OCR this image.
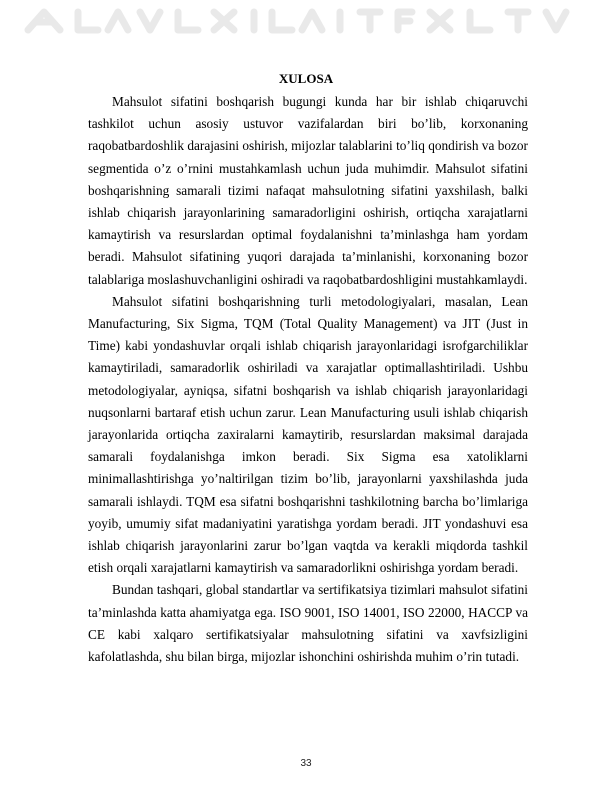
XULOSA

Mahsulot sifatini boshqarish bugungi kunda har bir ishlab chiqaruvchi tashkilot uchun asosiy ustuvor vazifalardan biri bo’lib, korxonaning raqobatbardoshlik darajasini oshirish, mijozlar talablarini to’liq qondirish va bozor segmentida o’z o’rnini mustahkamlash uchun juda muhimdir. Mahsulot sifatini boshqarishning samarali tizimi nafaqat mahsulotning sifatini yaxshilash, balki ishlab chiqarish jarayonlarining samaradorligini oshirish, ortiqcha xarajatlarni kamaytirish va resurslardan optimal foydalanishni ta’minlashga ham yordam beradi. Mahsulot sifatining yuqori darajada ta’minlanishi, korxonaning bozor talablariga moslashuvchanligini oshiradi va raqobatbardoshligini mustahkamlaydi.

Mahsulot sifatini boshqarishning turli metodologiyalari, masalan, Lean Manufacturing, Six Sigma, TQM (Total Quality Management) va JIT (Just in Time) kabi yondashuvlar orqali ishlab chiqarish jarayonlaridagi isrofgarchiliklar kamaytiriladi, samaradorlik oshiriladi va xarajatlar optimallashtiriladi. Ushbu metodologiyalar, ayniqsa, sifatni boshqarish va ishlab chiqarish jarayonlaridagi nuqsonlarni bartaraf etish uchun zarur. Lean Manufacturing usuli ishlab chiqarish jarayonlarida ortiqcha zaxiralarni kamaytirib, resurslardan maksimal darajada samarali foydalanishga imkon beradi. Six Sigma esa xatoliklarni minimallashtirishga yo’naltirilgan tizim bo’lib, jarayonlarni yaxshilashda juda samarali ishlaydi. TQM esa sifatni boshqarishni tashkilotning barcha bo’limlariga yoyib, umumiy sifat madaniyatini yaratishga yordam beradi. JIT yondashuvi esa ishlab chiqarish jarayonlarini zarur bo’lgan vaqtda va kerakli miqdorda tashkil etish orqali xarajatlarni kamaytirish va samaradorlikni oshirishga yordam beradi.

Bundan tashqari, global standartlar va sertifikatsiya tizimlari mahsulot sifatini ta’minlashda katta ahamiyatga ega. ISO 9001, ISO 14001, ISO 22000, HACCP va CE kabi xalqaro sertifikatsiyalar mahsulotning sifatini va xavfsizligini kafolatlashda, shu bilan birga, mijozlar ishonchini oshirishda muhim o’rin tutadi.

33
